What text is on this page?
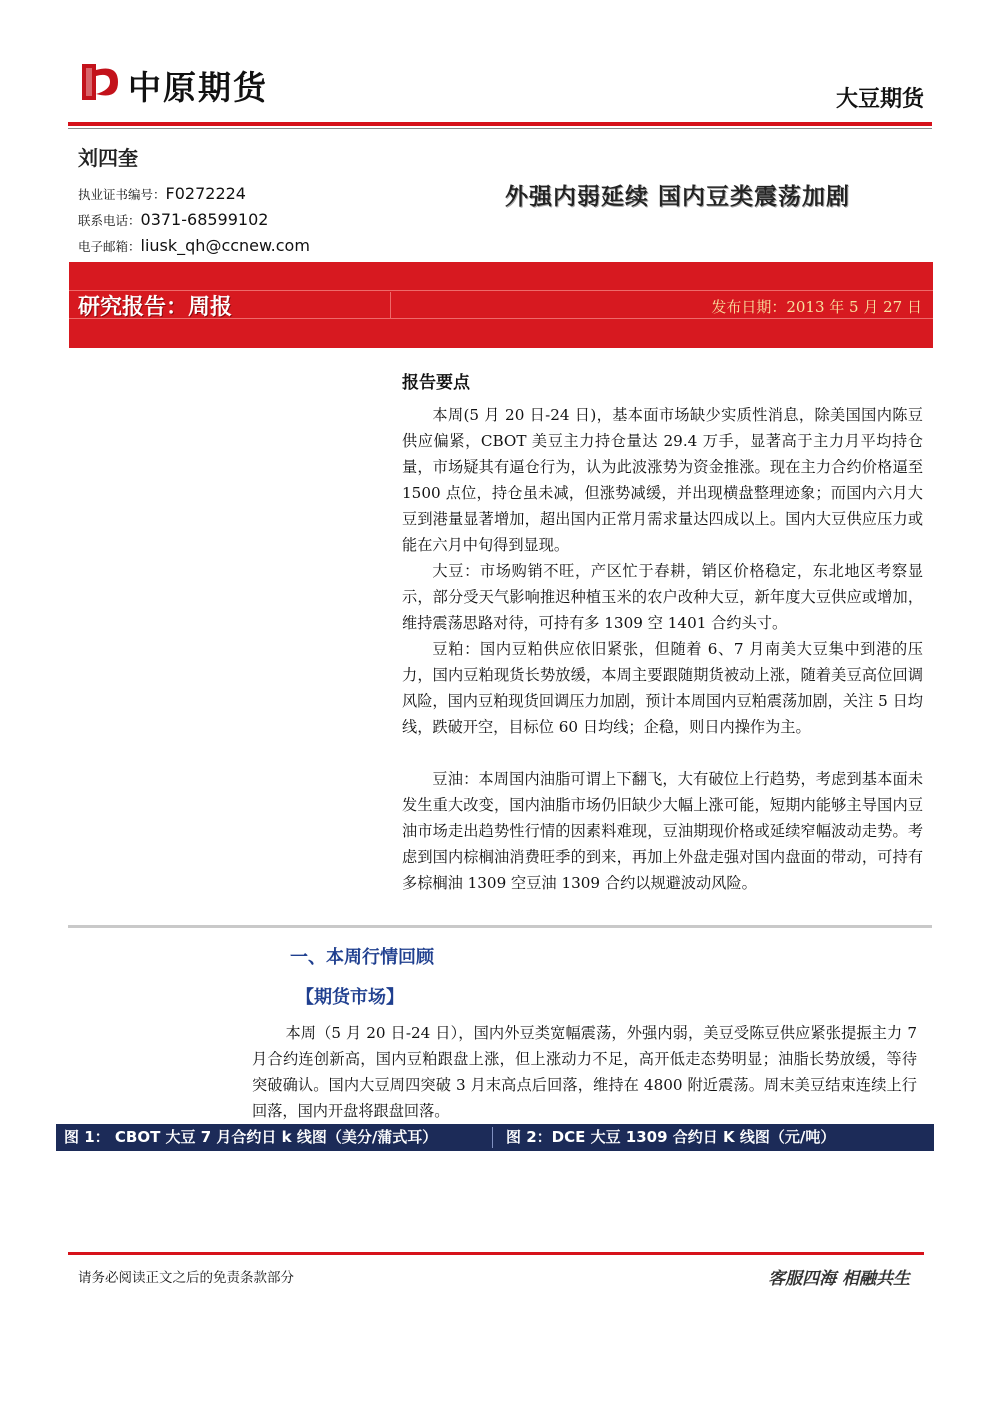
中原期货	大豆期货
刘四奎
执业证书编号：F0272224
联系电话：0371-68599102
电子邮箱：liusk_qh@ccnew.com
外强内弱延续 国内豆类震荡加剧
研究报告：周报	发布日期：2013 年 5 月 27 日
报告要点
本周(5 月 20 日-24 日)，基本面市场缺少实质性消息，除美国国内陈豆供应偏紧，CBOT 美豆主力持仓量达 29.4 万手，显著高于主力月平均持仓量，市场疑其有逼仓行为，认为此波涨势为资金推涨。现在主力合约价格逼至 1500 点位，持仓虽未减，但涨势减缓，并出现横盘整理迹象；而国内六月大豆到港量显著增加，超出国内正常月需求量达四成以上。国内大豆供应压力或能在六月中旬得到显现。
大豆：市场购销不旺，产区忙于春耕，销区价格稳定，东北地区考察显示，部分受天气影响推迟种植玉米的农户改种大豆，新年度大豆供应或增加，维持震荡思路对待，可持有多 1309 空 1401 合约头寸。
豆粕：国内豆粕供应依旧紧张，但随着 6、7 月南美大豆集中到港的压力，国内豆粕现货长势放缓，本周主要跟随期货被动上涨，随着美豆高位回调风险，国内豆粕现货回调压力加剧，预计本周国内豆粕震荡加剧，关注 5 日均线，跌破开空，目标位 60 日均线；企稳，则日内操作为主。
豆油：本周国内油脂可谓上下翻飞，大有破位上行趋势，考虑到基本面未发生重大改变，国内油脂市场仍旧缺少大幅上涨可能，短期内能够主导国内豆油市场走出趋势性行情的因素料难现，豆油期现价格或延续窄幅波动走势。考虑到国内棕榈油消费旺季的到来，再加上外盘走强对国内盘面的带动，可持有多棕榈油 1309 空豆油 1309 合约以规避波动风险。
一、本周行情回顾
【期货市场】
本周（5 月 20 日-24 日），国内外豆类宽幅震荡，外强内弱，美豆受陈豆供应紧张提振主力 7 月合约连创新高，国内豆粕跟盘上涨，但上涨动力不足，高开低走态势明显；油脂长势放缓，等待突破确认。国内大豆周四突破 3 月末高点后回落，维持在 4800 附近震荡。周末美豆结束连续上行回落，国内开盘将跟盘回落。
图 1： CBOT 大豆 7 月合约日 k 线图（美分/蒲式耳）	图 2：DCE 大豆 1309 合约日 K 线图（元/吨）
请务必阅读正文之后的免责条款部分	客服四海 相融共生
